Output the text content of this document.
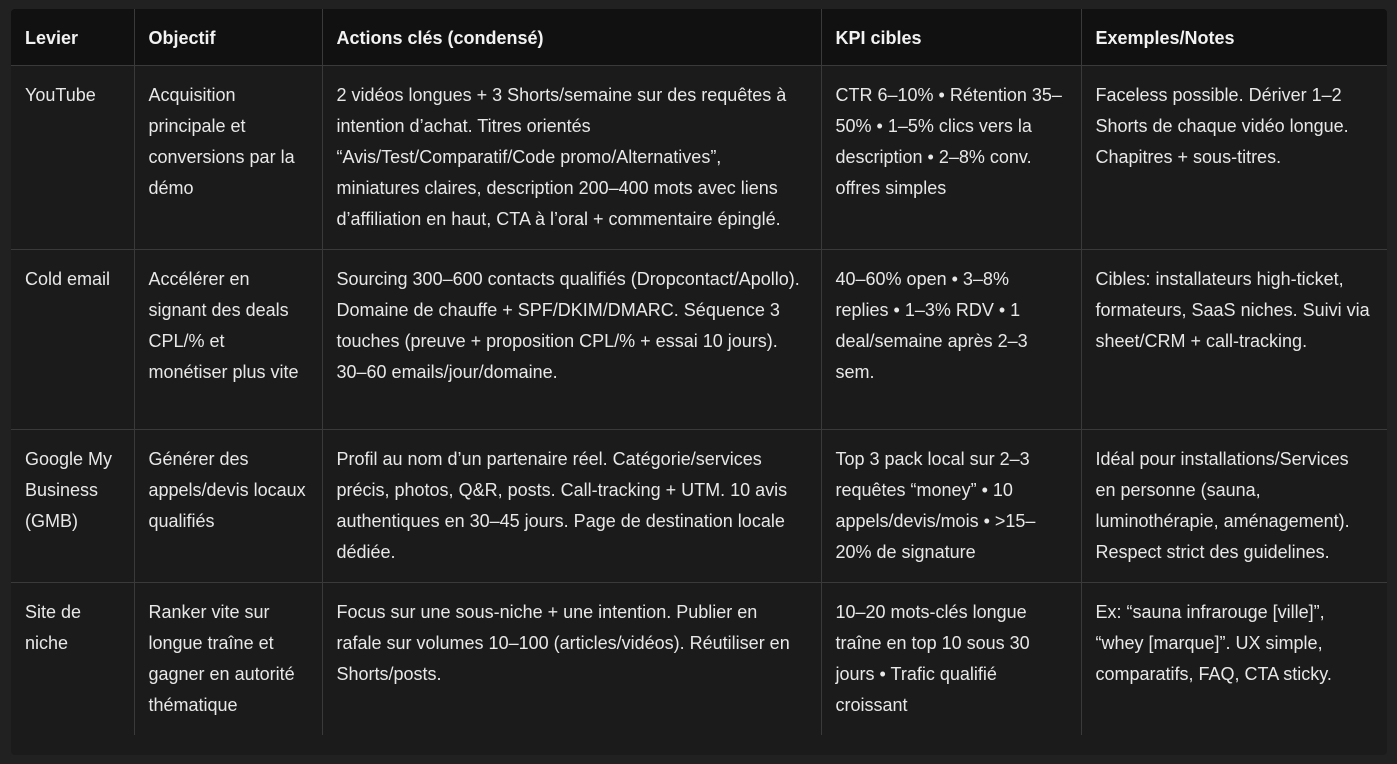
Levier	Objectif	Actions clés (condensé)	KPI cibles	Exemples/Notes
YouTube	Acquisition principale et conversions par la démo	2 vidéos longues + 3 Shorts/semaine sur des requêtes à intention d’achat. Titres orientés “Avis/Test/Comparatif/Code promo/Alternatives”, miniatures claires, description 200–400 mots avec liens d’affiliation en haut, CTA à l’oral + commentaire épinglé.	CTR 6–10% • Rétention 35–50% • 1–5% clics vers la description • 2–8% conv. offres simples	Faceless possible. Dériver 1–2 Shorts de chaque vidéo longue. Chapitres + sous-titres.
Cold email	Accélérer en signant des deals CPL/% et monétiser plus vite	Sourcing 300–600 contacts qualifiés (Dropcontact/Apollo). Domaine de chauffe + SPF/DKIM/DMARC. Séquence 3 touches (preuve + proposition CPL/% + essai 10 jours). 30–60 emails/jour/domaine.	40–60% open • 3–8% replies • 1–3% RDV • 1 deal/semaine après 2–3 sem.	Cibles: installateurs high-ticket, formateurs, SaaS niches. Suivi via sheet/CRM + call-tracking.
Google My Business (GMB)	Générer des appels/devis locaux qualifiés	Profil au nom d’un partenaire réel. Catégorie/services précis, photos, Q&R, posts. Call-tracking + UTM. 10 avis authentiques en 30–45 jours. Page de destination locale dédiée.	Top 3 pack local sur 2–3 requêtes “money” • 10 appels/devis/mois • >15–20% de signature	Idéal pour installations/Services en personne (sauna, luminothérapie, aménagement). Respect strict des guidelines.
Site de niche	Ranker vite sur longue traîne et gagner en autorité thématique	Focus sur une sous-niche + une intention. Publier en rafale sur volumes 10–100 (articles/vidéos). Réutiliser en Shorts/posts.	10–20 mots-clés longue traîne en top 10 sous 30 jours • Trafic qualifié croissant	Ex: “sauna infrarouge [ville]”, “whey [marque]”. UX simple, comparatifs, FAQ, CTA sticky.
